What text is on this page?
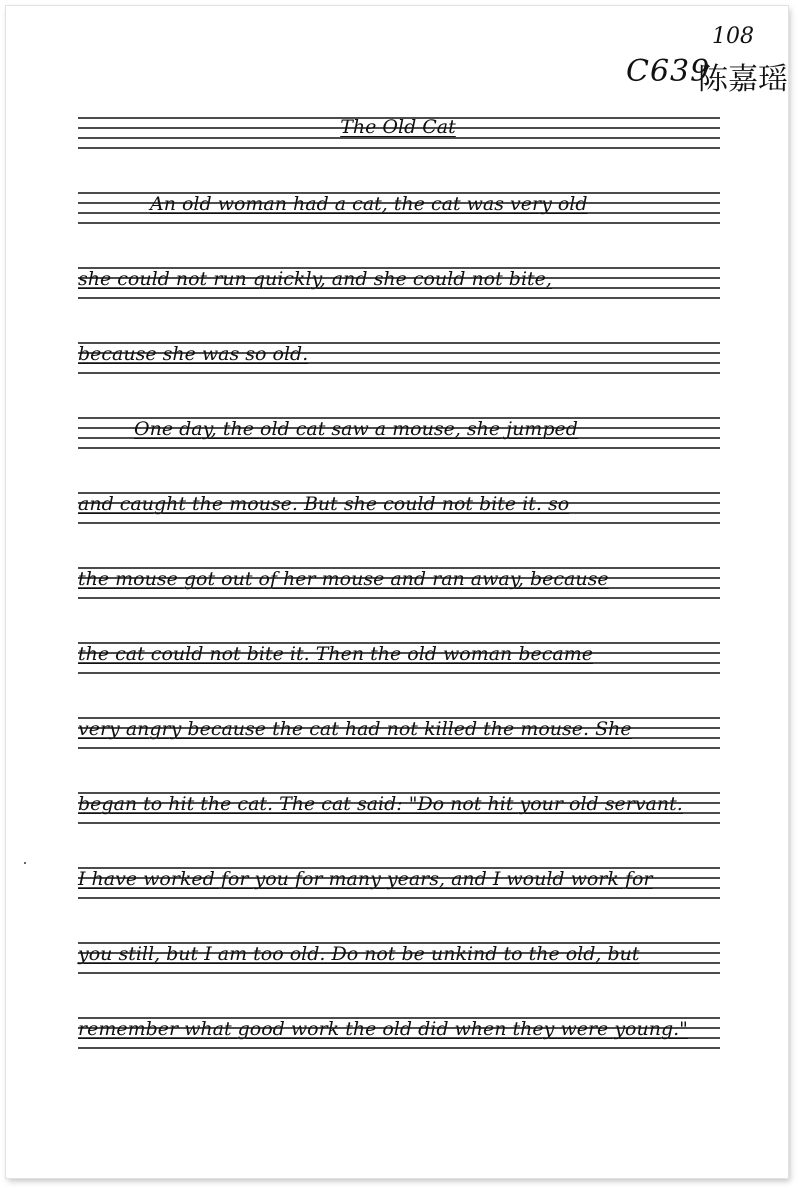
108
C639
陈嘉瑶
The Old Cat
An old woman had a cat, the cat was very old
she could not run quickly, and she could not bite,
because she was so old.
One day, the old cat saw a mouse, she jumped
and caught the mouse. But she could not bite it. so
the mouse got out of her mouse and ran away, because
the cat could not bite it. Then the old woman became
very angry because the cat had not killed the mouse. She
began to hit the cat. The cat said: "Do not hit your old servant.
I have worked for you for many years, and I would work for
you still, but I am too old. Do not be unkind to the old, but
remember what good work the old did when they were young."
